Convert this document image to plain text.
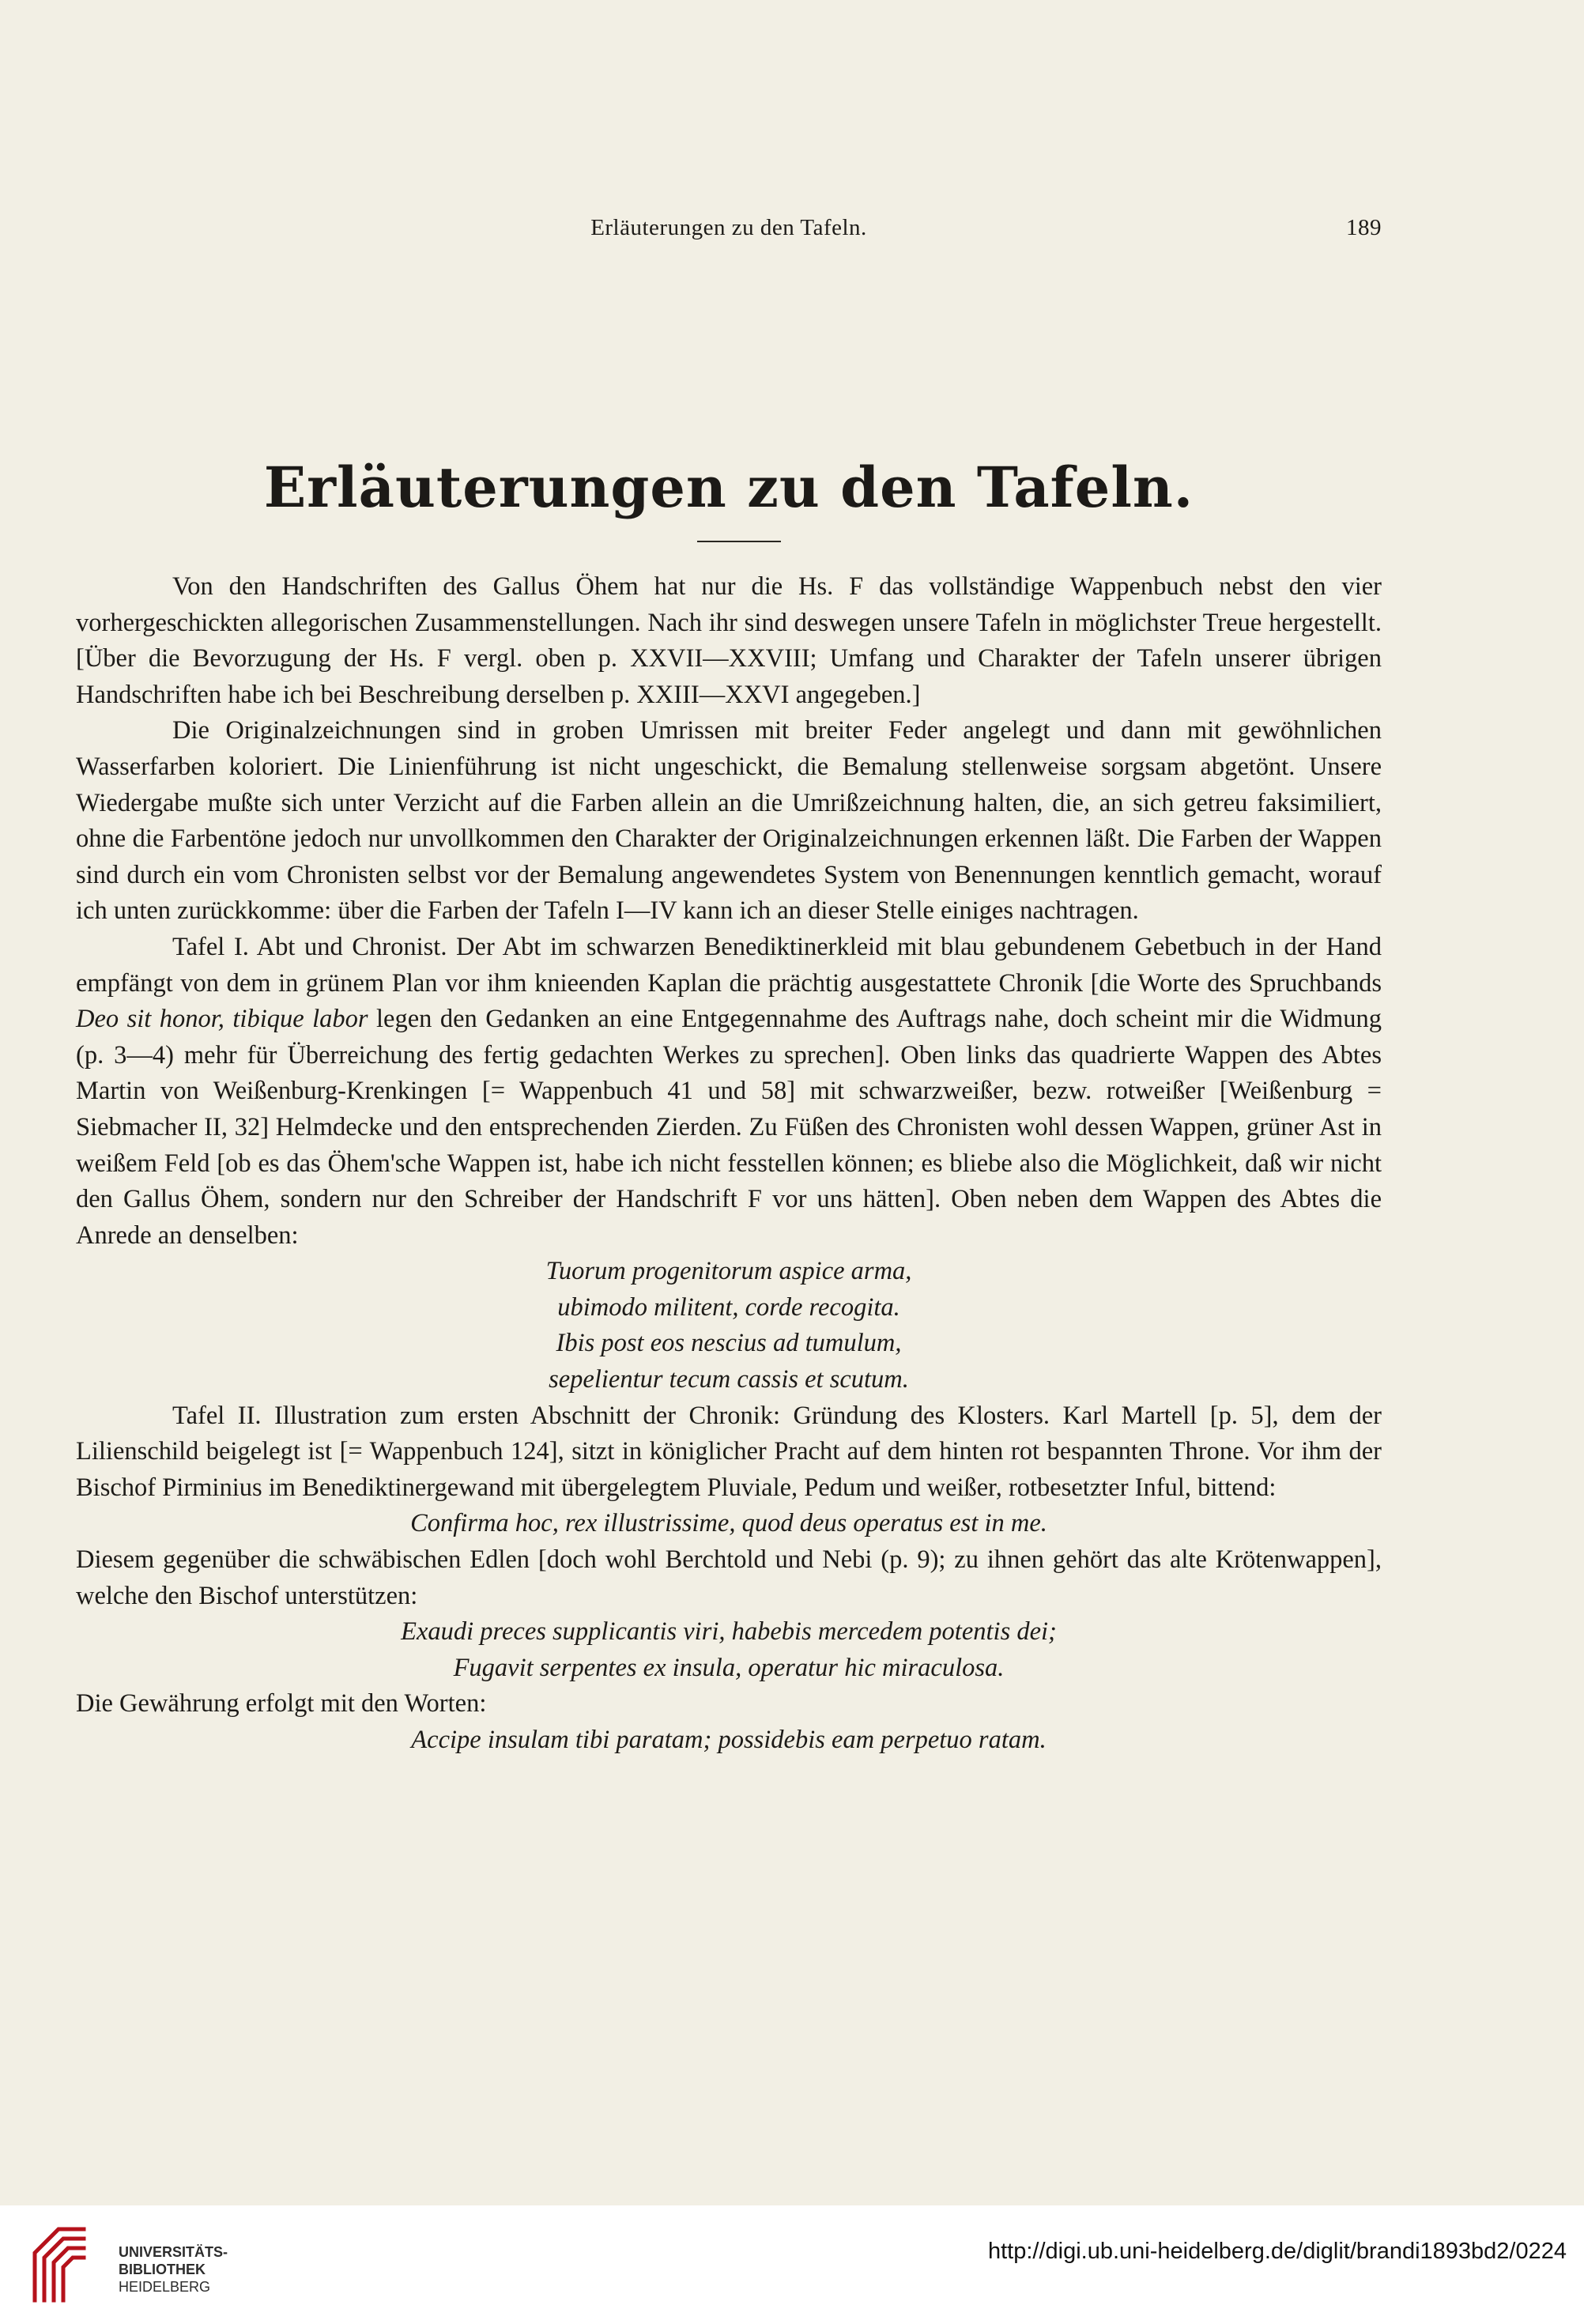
Erläuterungen zu den Tafeln.	189
Erläuterungen zu den Tafeln.

Von den Handschriften des Gallus Öhem hat nur die Hs. F das vollständige Wappenbuch nebst den vier vorhergeschickten allegorischen Zusammenstellungen. Nach ihr sind deswegen unsere Tafeln in möglichster Treue hergestellt. [Über die Bevorzugung der Hs. F vergl. oben p. XXVII—XXVIII; Umfang und Charakter der Tafeln unserer übrigen Handschriften habe ich bei Beschreibung derselben p. XXIII—XXVI angegeben.]

Die Originalzeichnungen sind in groben Umrissen mit breiter Feder angelegt und dann mit gewöhnlichen Wasserfarben koloriert. Die Linienführung ist nicht ungeschickt, die Bemalung stellenweise sorgsam abgetönt. Unsere Wiedergabe mußte sich unter Verzicht auf die Farben allein an die Umrißzeichnung halten, die, an sich getreu faksimiliert, ohne die Farbentöne jedoch nur unvollkommen den Charakter der Originalzeichnungen erkennen läßt. Die Farben der Wappen sind durch ein vom Chronisten selbst vor der Bemalung angewendetes System von Benennungen kenntlich gemacht, worauf ich unten zurückkomme: über die Farben der Tafeln I—IV kann ich an dieser Stelle einiges nachtragen.

Tafel I. Abt und Chronist. Der Abt im schwarzen Benediktinerkleid mit blau gebundenem Gebetbuch in der Hand empfängt von dem in grünem Plan vor ihm knieenden Kaplan die prächtig ausgestattete Chronik [die Worte des Spruchbands Deo sit honor, tibique labor legen den Gedanken an eine Entgegennahme des Auftrags nahe, doch scheint mir die Widmung (p. 3—4) mehr für Überreichung des fertig gedachten Werkes zu sprechen]. Oben links das quadrierte Wappen des Abtes Martin von Weißenburg-Krenkingen [= Wappenbuch 41 und 58] mit schwarzweißer, bezw. rotweißer [Weißenburg = Siebmacher II, 32] Helmdecke und den entsprechenden Zierden. Zu Füßen des Chronisten wohl dessen Wappen, grüner Ast in weißem Feld [ob es das Öhem'sche Wappen ist, habe ich nicht fesstellen können; es bliebe also die Möglichkeit, daß wir nicht den Gallus Öhem, sondern nur den Schreiber der Handschrift F vor uns hätten]. Oben neben dem Wappen des Abtes die Anrede an denselben:

Tuorum progenitorum aspice arma,
ubimodo militent, corde recogita.
Ibis post eos nescius ad tumulum,
sepelientur tecum cassis et scutum.

Tafel II. Illustration zum ersten Abschnitt der Chronik: Gründung des Klosters. Karl Martell [p. 5], dem der Lilienschild beigelegt ist [= Wappenbuch 124], sitzt in königlicher Pracht auf dem hinten rot bespannten Throne. Vor ihm der Bischof Pirminius im Benediktinergewand mit übergelegtem Pluviale, Pedum und weißer, rotbesetzter Inful, bittend:

Confirma hoc, rex illustrissime, quod deus operatus est in me.

Diesem gegenüber die schwäbischen Edlen [doch wohl Berchtold und Nebi (p. 9); zu ihnen gehört das alte Krötenwappen], welche den Bischof unterstützen:

Exaudi preces supplicantis viri, habebis mercedem potentis dei;
Fugavit serpentes ex insula, operatur hic miraculosa.

Die Gewährung erfolgt mit den Worten:

Accipe insulam tibi paratam; possidebis eam perpetuo ratam.
UNIVERSITÄTS-
BIBLIOTHEK
HEIDELBERG
http://digi.ub.uni-heidelberg.de/diglit/brandi1893bd2/0224
